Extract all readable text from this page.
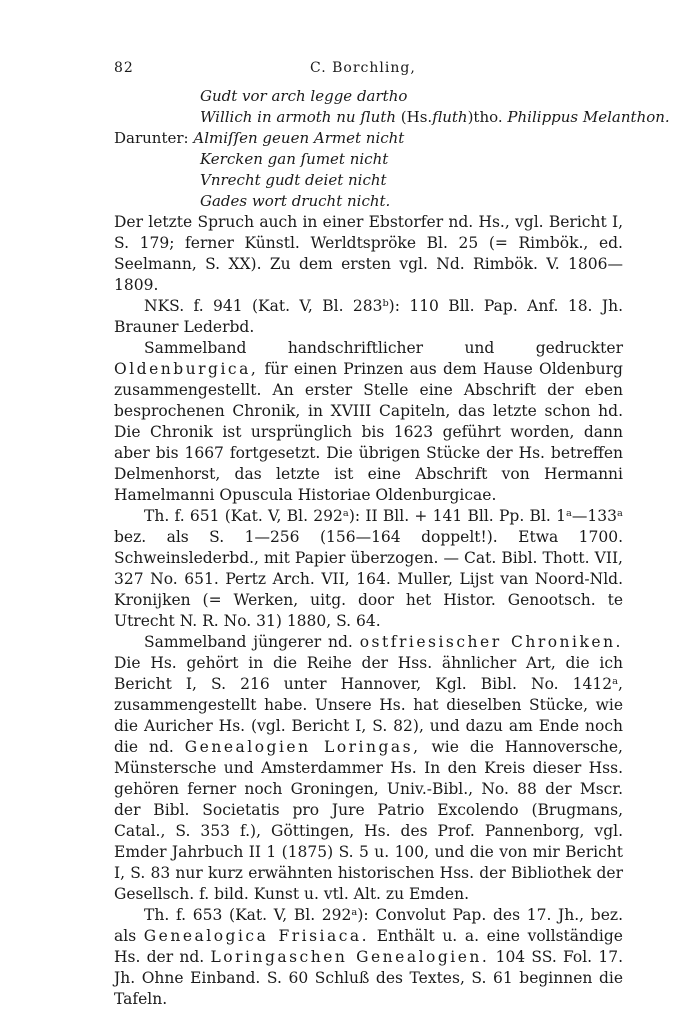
82	C. Borchling,
Gudt vor arch legge dartho
Willich in armoth nu ſluth (Hs.fluth)tho. Philippus Melanthon.
Darunter: Almiſſen geuen Armet nicht
Kercken gan ſumet nicht
Vnrecht gudt deiet nicht
Gades wort drucht nicht.

Der letzte Spruch auch in einer Ebstorfer nd. Hs., vgl. Bericht I, S. 179; ferner Künstl. Werldtspröke Bl. 25 (= Rimbök., ed. Seelmann, S. XX). Zu dem ersten vgl. Nd. Rimbök. V. 1806—1809.

NKS. f. 941 (Kat. V, Bl. 283ᵇ): 110 Bll. Pap. Anf. 18. Jh. Brauner Lederbd.

Sammelband handschriftlicher und gedruckter Oldenburgica, für einen Prinzen aus dem Hause Oldenburg zusammengestellt. An erster Stelle eine Abschrift der eben besprochenen Chronik, in XVIII Capiteln, das letzte schon hd. Die Chronik ist ursprünglich bis 1623 geführt worden, dann aber bis 1667 fortgesetzt. Die übrigen Stücke der Hs. betreffen Delmenhorst, das letzte ist eine Abschrift von Hermanni Hamelmanni Opuscula Historiae Oldenburgicae.

Th. f. 651 (Kat. V, Bl. 292ᵃ): II Bll. + 141 Bll. Pp. Bl. 1ᵃ—133ᵃ bez. als S. 1—256 (156—164 doppelt!). Etwa 1700. Schweinslederbd., mit Papier überzogen. — Cat. Bibl. Thott. VII, 327 No. 651. Pertz Arch. VII, 164. Muller, Lijst van Noord-Nld. Kronijken (= Werken, uitg. door het Histor. Genootsch. te Utrecht N. R. No. 31) 1880, S. 64.

Sammelband jüngerer nd. ostfriesischer Chroniken. Die Hs. gehört in die Reihe der Hss. ähnlicher Art, die ich Bericht I, S. 216 unter Hannover, Kgl. Bibl. No. 1412ᵃ, zusammengestellt habe. Unsere Hs. hat dieselben Stücke, wie die Auricher Hs. (vgl. Bericht I, S. 82), und dazu am Ende noch die nd. Genealogien Loringas, wie die Hannoversche, Münstersche und Amsterdammer Hs. In den Kreis dieser Hss. gehören ferner noch Groningen, Univ.-Bibl., No. 88 der Mscr. der Bibl. Societatis pro Jure Patrio Excolendo (Brugmans, Catal., S. 353 f.), Göttingen, Hs. des Prof. Pannenborg, vgl. Emder Jahrbuch II 1 (1875) S. 5 u. 100, und die von mir Bericht I, S. 83 nur kurz erwähnten historischen Hss. der Bibliothek der Gesellsch. f. bild. Kunst u. vtl. Alt. zu Emden.

Th. f. 653 (Kat. V, Bl. 292ᵃ): Convolut Pap. des 17. Jh., bez. als Genealogica Frisiaca. Enthält u. a. eine vollständige Hs. der nd. Loringaschen Genealogien. 104 SS. Fol. 17. Jh. Ohne Einband. S. 60 Schluß des Textes, S. 61 beginnen die Tafeln.
